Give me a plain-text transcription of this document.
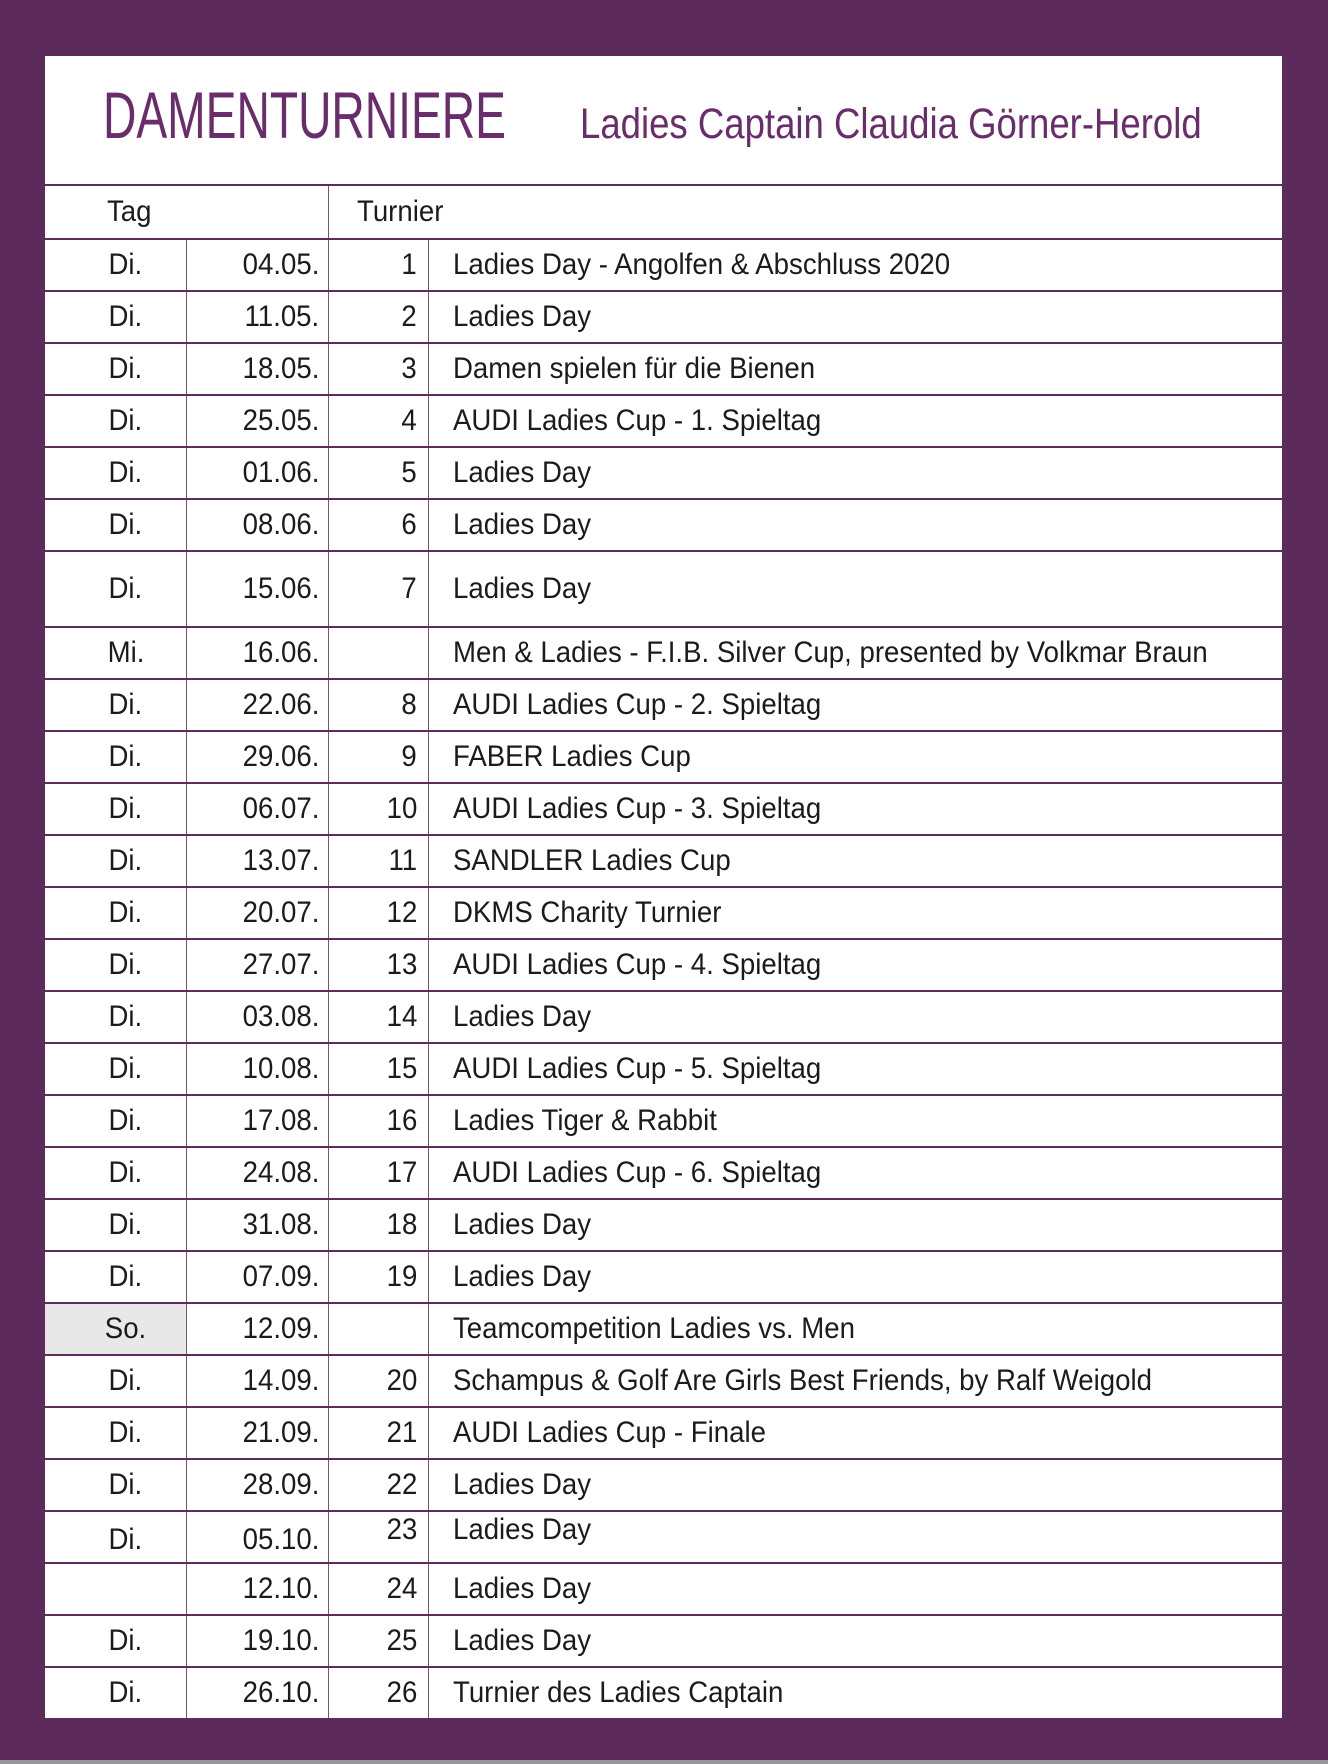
DAMENTURNIERE Ladies Captain Claudia Görner-Herold
Tag	Turnier
Di.	04.05.	1 Ladies Day - Angolfen & Abschluss 2020
Di.	11.05.	2 Ladies Day
Di.	18.05.	3 Damen spielen für die Bienen
Di.	25.05.	4 AUDI Ladies Cup - 1. Spieltag
Di.	01.06.	5 Ladies Day
Di.	08.06.	6 Ladies Day
Di.	15.06.	7 Ladies Day
Mi.	16.06.	Men & Ladies - F.I.B. Silver Cup, presented by Volkmar Braun
Di.	22.06.	8 AUDI Ladies Cup - 2. Spieltag
Di.	29.06.	9 FABER Ladies Cup
Di.	06.07. 10 AUDI Ladies Cup - 3. Spieltag
Di.	13.07. 11 SANDLER Ladies Cup
Di.	20.07. 12 DKMS Charity Turnier
Di.	27.07. 13 AUDI Ladies Cup - 4. Spieltag
Di.	03.08. 14 Ladies Day
Di.	10.08. 15 AUDI Ladies Cup - 5. Spieltag
Di.	17.08. 16 Ladies Tiger & Rabbit
Di.	24.08. 17 AUDI Ladies Cup - 6. Spieltag
Di.	31.08. 18 Ladies Day
Di.	07.09. 19 Ladies Day
So.	12.09.	Teamcompetition Ladies vs. Men
Di.	14.09. 20 Schampus & Golf Are Girls Best Friends, by Ralf Weigold
Di.	21.09. 21 AUDI Ladies Cup - Finale
Di.	28.09. 22 Ladies Day
Di.	05.10. 23 Ladies Day
12.10. 24 Ladies Day
Di.	19.10. 25 Ladies Day
Di.	26.10. 26 Turnier des Ladies Captain
